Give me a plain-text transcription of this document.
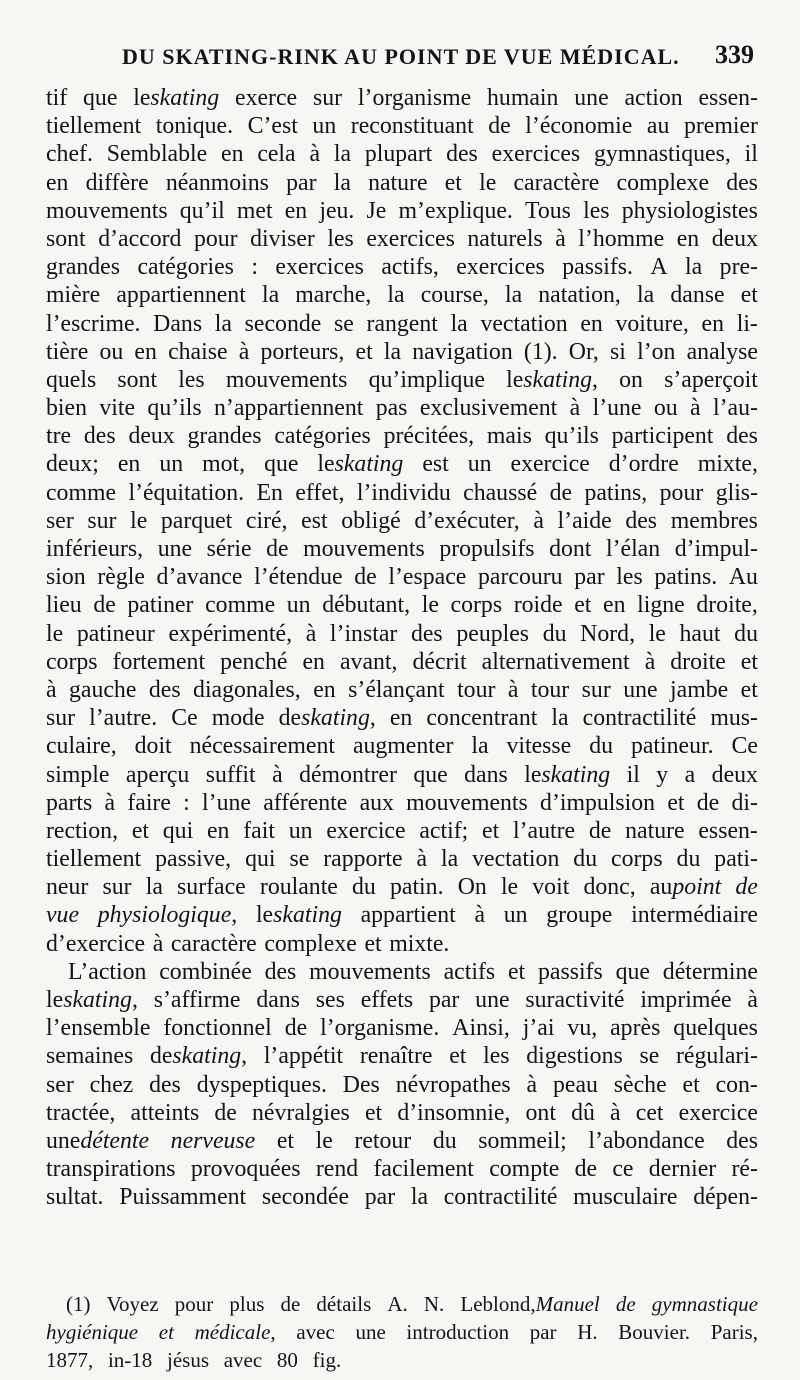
DU SKATING-RINK AU POINT DE VUE MÉDICAL. 339
tif que leskating exerce sur l’organisme humain une action essen-
tiellement tonique. C’est un reconstituant de l’économie au premier
chef. Semblable en cela à la plupart des exercices gymnastiques, il
en diffère néanmoins par la nature et le caractère complexe des
mouvements qu’il met en jeu. Je m’explique. Tous les physiologistes
sont d’accord pour diviser les exercices naturels à l’homme en deux
grandes catégories : exercices actifs, exercices passifs. A la pre-
mière appartiennent la marche, la course, la natation, la danse et
l’escrime. Dans la seconde se rangent la vectation en voiture, en li-
tière ou en chaise à porteurs, et la navigation (1). Or, si l’on analyse
quels sont les mouvements qu’implique leskating, on s’aperçoit
bien vite qu’ils n’appartiennent pas exclusivement à l’une ou à l’au-
tre des deux grandes catégories précitées, mais qu’ils participent des
deux; en un mot, que leskating est un exercice d’ordre mixte,
comme l’équitation. En effet, l’individu chaussé de patins, pour glis-
ser sur le parquet ciré, est obligé d’exécuter, à l’aide des membres
inférieurs, une série de mouvements propulsifs dont l’élan d’impul-
sion règle d’avance l’étendue de l’espace parcouru par les patins. Au
lieu de patiner comme un débutant, le corps roide et en ligne droite,
le patineur expérimenté, à l’instar des peuples du Nord, le haut du
corps fortement penché en avant, décrit alternativement à droite et
à gauche des diagonales, en s’élançant tour à tour sur une jambe et
sur l’autre. Ce mode deskating, en concentrant la contractilité mus-
culaire, doit nécessairement augmenter la vitesse du patineur. Ce
simple aperçu suffit à démontrer que dans leskating il y a deux
parts à faire : l’une afférente aux mouvements d’impulsion et de di-
rection, et qui en fait un exercice actif; et l’autre de nature essen-
tiellement passive, qui se rapporte à la vectation du corps du pati-
neur sur la surface roulante du patin. On le voit donc, aupoint de
vue physiologique, leskating appartient à un groupe intermédiaire
d’exercice à caractère complexe et mixte.
L’action combinée des mouvements actifs et passifs que détermine
leskating, s’affirme dans ses effets par une suractivité imprimée à
l’ensemble fonctionnel de l’organisme. Ainsi, j’ai vu, après quelques
semaines deskating, l’appétit renaître et les digestions se régulari-
ser chez des dyspeptiques. Des névropathes à peau sèche et con-
tractée, atteints de névralgies et d’insomnie, ont dû à cet exercice
unedétente nerveuse et le retour du sommeil; l’abondance des
transpirations provoquées rend facilement compte de ce dernier ré-
sultat. Puissamment secondée par la contractilité musculaire dépen-
(1) Voyez pour plus de détails A. N. Leblond,Manuel de gymnastique
hygiénique et médicale, avec une introduction par H. Bouvier. Paris,
1877, in-18 jésus avec 80 fig.
